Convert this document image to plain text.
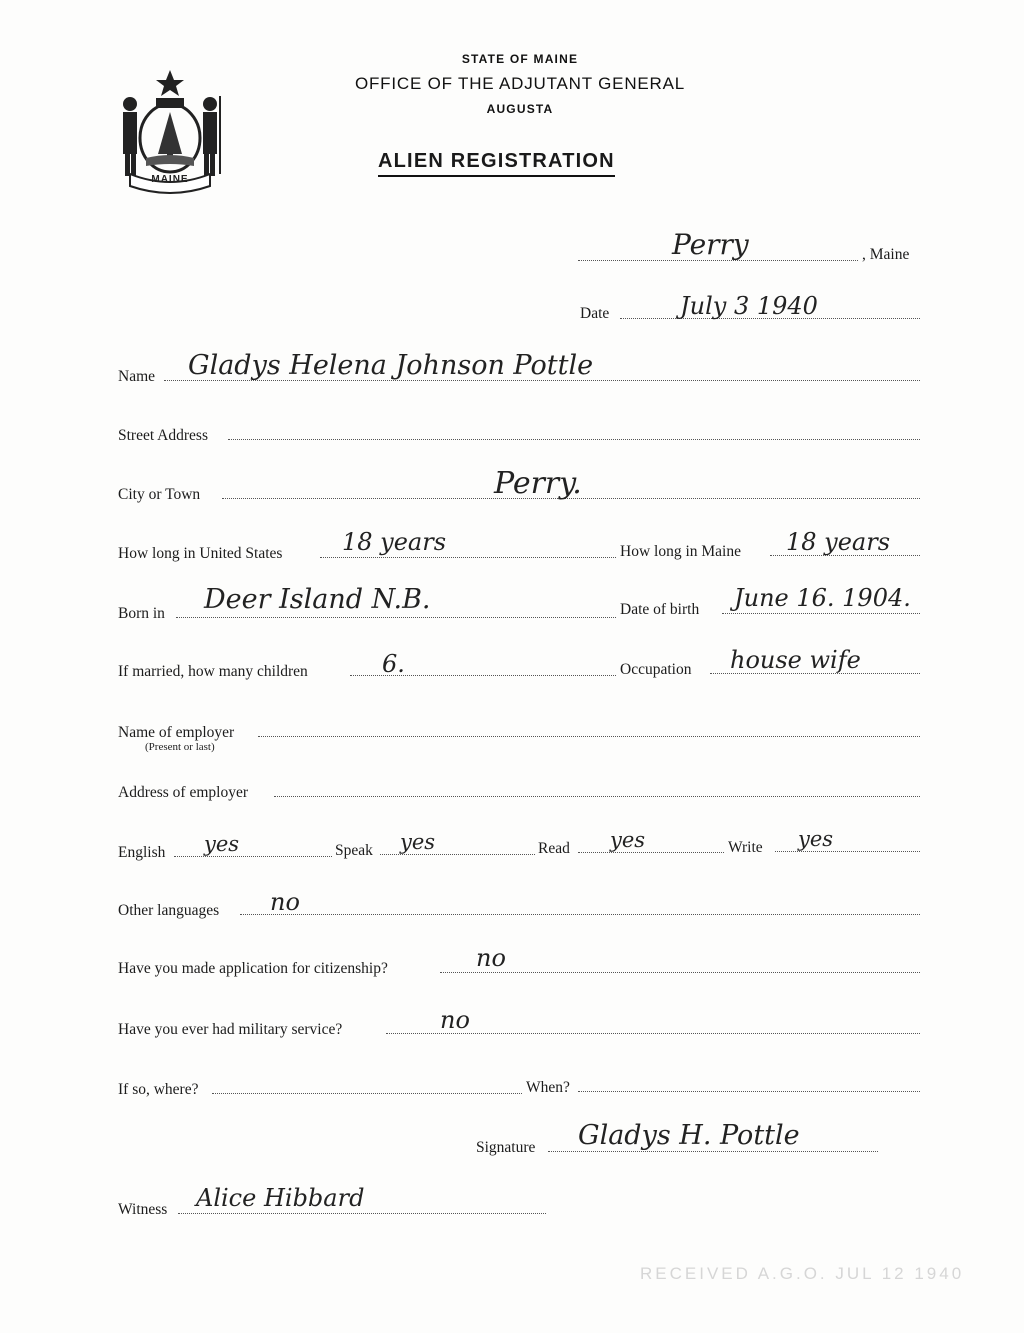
MAINE
STATE OF MAINE
OFFICE OF THE ADJUTANT GENERAL
AUGUSTA
ALIEN REGISTRATION
Perry	, Maine
Date	July 3 1940
Name Gladys Helena Johnson Pottle
Street Address
City or Town	Perry.
How long in United States 18 years	How long in Maine 18 years
Born in Deer Island N.B.	Date of birth June 16. 1904.
If married, how many children	6.	Occupation house wife
Name of employer
(Present or last)
Address of employer
English yes	Speak yes	Read yes	Write yes
Other languages no
Have you made application for citizenship?	no
Have you ever had military service?	no
If so, where?	When?
Signature Gladys H. Pottle
Witness Alice Hibbard
RECEIVED A.G.O. JUL 12 1940
